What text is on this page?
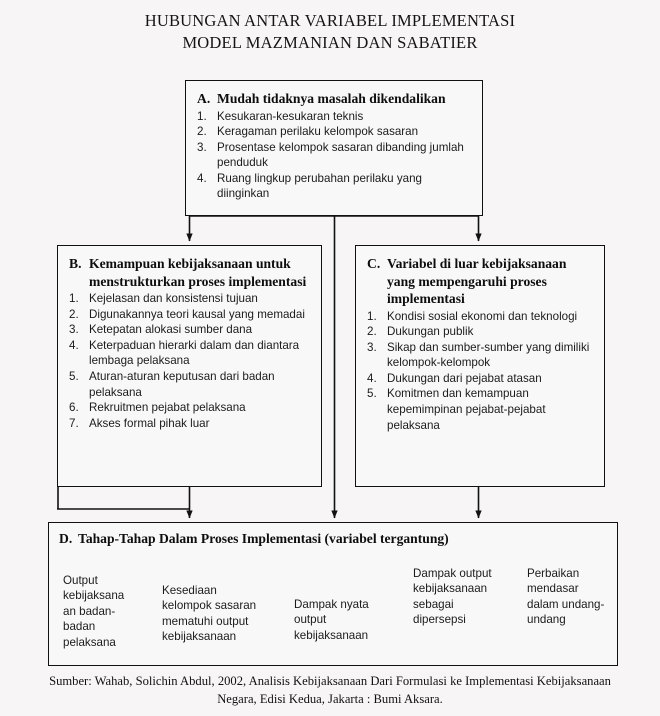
HUBUNGAN ANTAR VARIABEL IMPLEMENTASI
MODEL MAZMANIAN DAN SABATIER
A. Mudah tidaknya masalah dikendalikan
1. Kesukaran-kesukaran teknis
2. Keragaman perilaku kelompok sasaran
3. Prosentase kelompok sasaran dibanding jumlah penduduk
4. Ruang lingkup perubahan perilaku yang diinginkan
B. Kemampuan kebijaksanaan untuk menstrukturkan proses implementasi
1. Kejelasan dan konsistensi tujuan
2. Digunakannya teori kausal yang memadai
3. Ketepatan alokasi sumber dana
4. Keterpaduan hierarki dalam dan diantara lembaga pelaksana
5. Aturan-aturan keputusan dari badan pelaksana
6. Rekruitmen pejabat pelaksana
7. Akses formal pihak luar
C. Variabel di luar kebijaksanaan yang mempengaruhi proses implementasi
1. Kondisi sosial ekonomi dan teknologi
2. Dukungan publik
3. Sikap dan sumber-sumber yang dimiliki kelompok-kelompok
4. Dukungan dari pejabat atasan
5. Komitmen dan kemampuan kepemimpinan pejabat-pejabat pelaksana
D. Tahap-Tahap Dalam Proses Implementasi (variabel tergantung)
Output kebijaksana an badan-badan pelaksana
Kesediaan kelompok sasaran mematuhi output kebijaksanaan
Dampak nyata output kebijaksanaan
Dampak output kebijaksanaan sebagai dipersepsi
Perbaikan mendasar dalam undang-undang
Sumber: Wahab, Solichin Abdul, 2002, Analisis Kebijaksanaan Dari Formulasi ke Implementasi Kebijaksanaan
Negara, Edisi Kedua, Jakarta : Bumi Aksara.
